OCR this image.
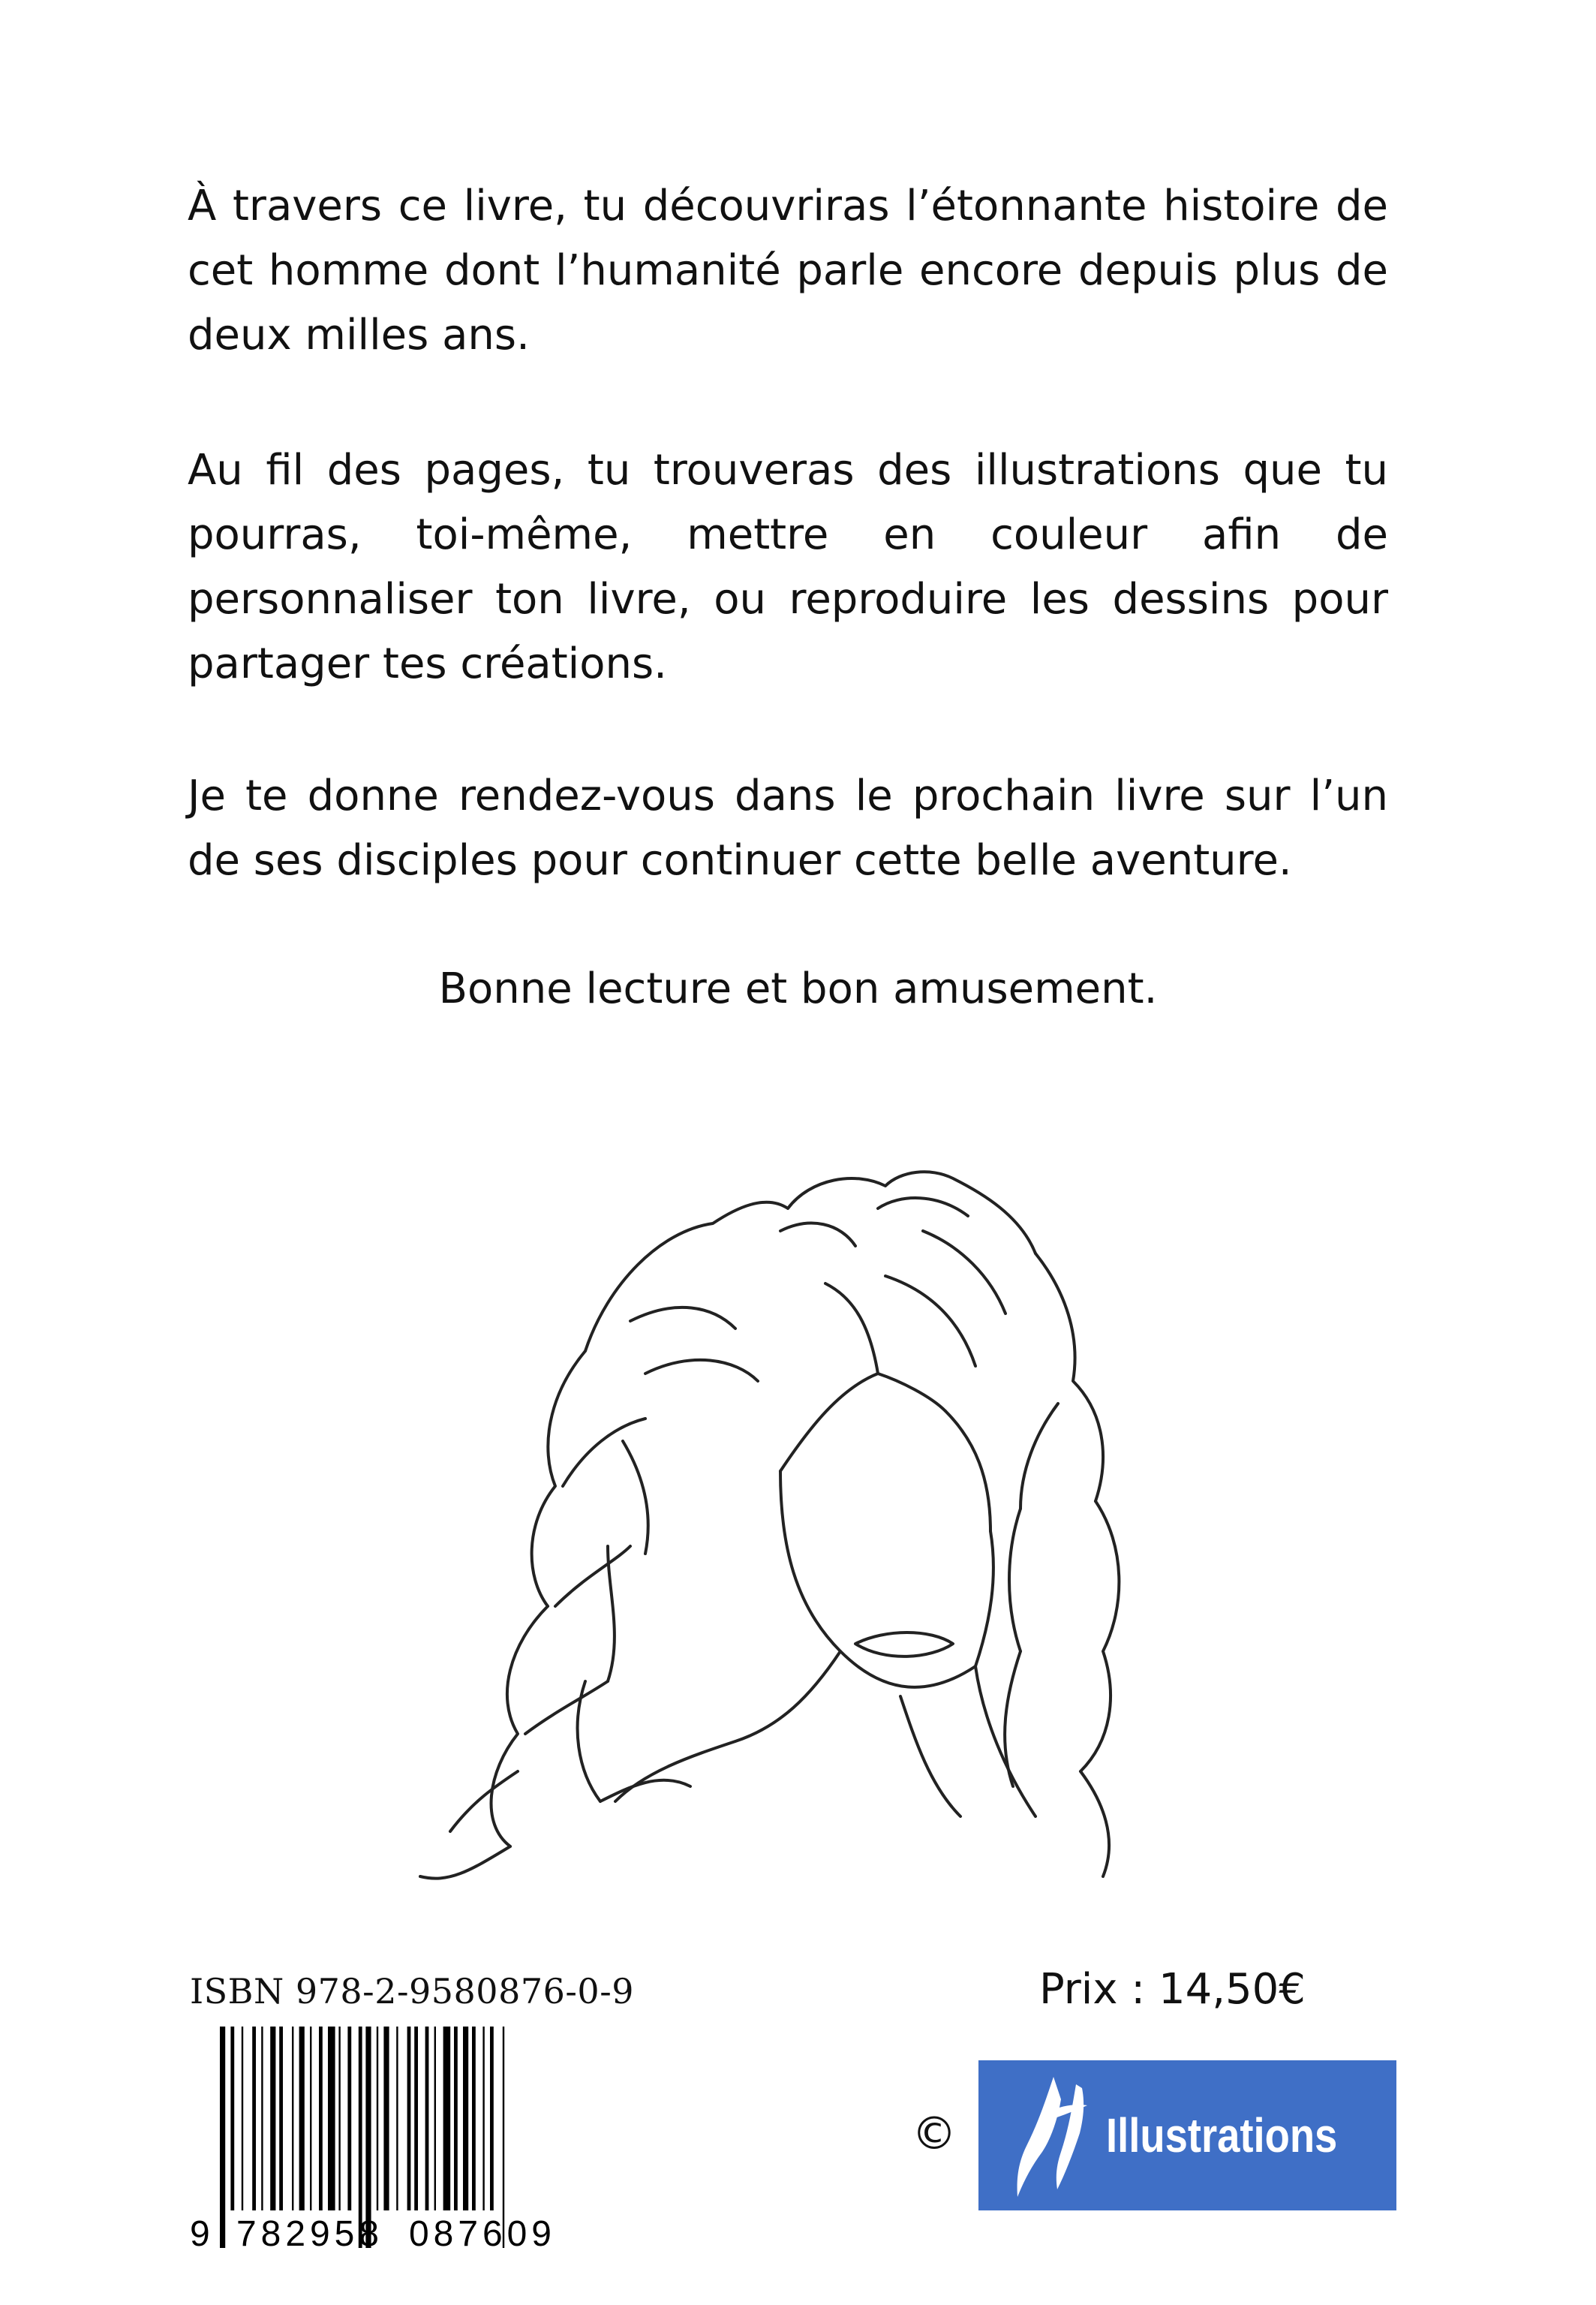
À travers ce livre, tu découvriras l’étonnante histoire de cet homme dont l’humanité parle encore depuis plus de deux milles ans.

Au fil des pages, tu trouveras des illustrations que tu pourras, toi-même, mettre en couleur afin de personnaliser ton livre, ou reproduire les dessins pour partager tes créations.

Je te donne rendez-vous dans le prochain livre sur l’un de ses disciples pour continuer cette belle aventure.

Bonne lecture et bon amusement.

ISBN 978-2-9580876-0-9
9 782958 087609
Prix : 14,50€
©	Illustrations
